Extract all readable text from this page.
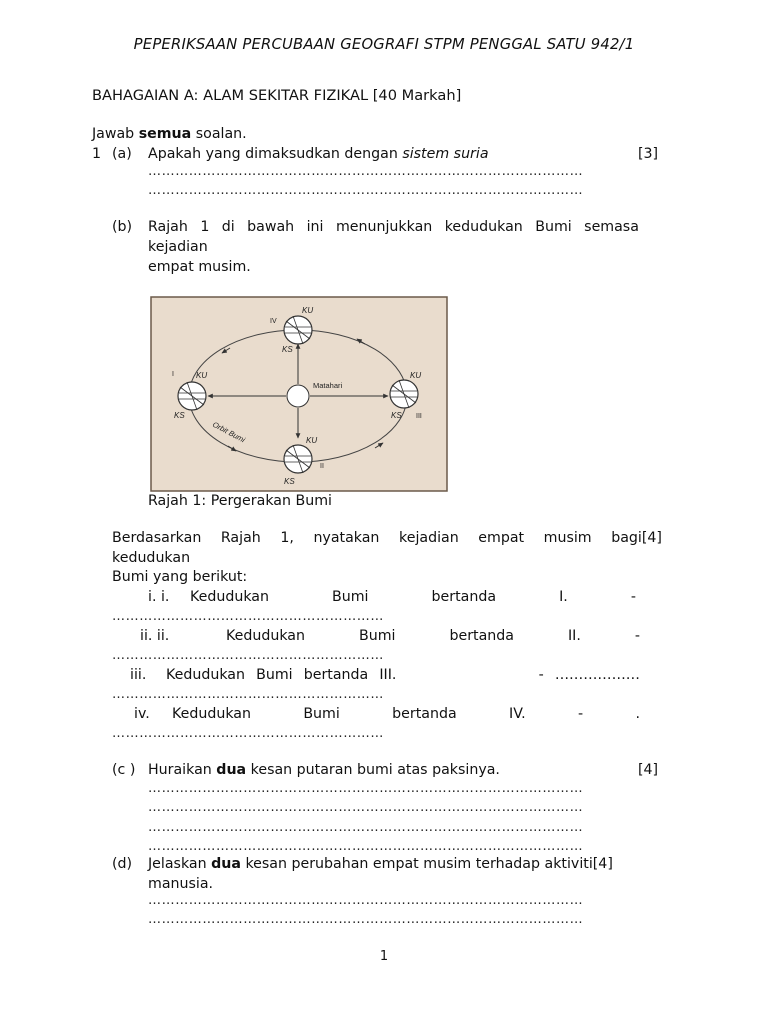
PEPERIKSAAN PERCUBAAN GEOGRAFI STPM PENGGAL SATU 942/1
BAHAGAIAN A: ALAM SEKITAR FIZIKAL [40 Markah]
Jawab semua soalan.
1 (a) Apakah yang dimaksudkan dengan sistem suria	[3]
……………………………………………………………………………………
……………………………………………………………………………………
(b) Rajah 1 di bawah ini menunjukkan kedudukan Bumi semasa
kejadian
empat musim.
Matahari
KU
KS
IV
KU
KS
I	KU
KS III
KU
KS
II
Orbit Bumi
Rajah 1: Pergerakan Bumi
Berdasarkan Rajah 1, nyatakan kejadian empat musim bagi[4]
kedudukan
Bumi yang berikut:
i. i. Kedudukan	Bumi	bertanda	I.	-
……………………………………………………
ii. ii.	Kedudukan	Bumi	bertanda	II.	-
……………………………………………………
iii. Kedudukan Bumi bertanda III.	- ………………
……………………………………………………
iv. Kedudukan	Bumi	bertanda	IV.	-	.
……………………………………………………
(c ) Huraikan dua kesan putaran bumi atas paksinya.	[4]
……………………………………………………………………………………
……………………………………………………………………………………
……………………………………………………………………………………
……………………………………………………………………………………
(d) Jelaskan dua kesan perubahan empat musim terhadap aktiviti[4]
manusia.
……………………………………………………………………………………
……………………………………………………………………………………
1
